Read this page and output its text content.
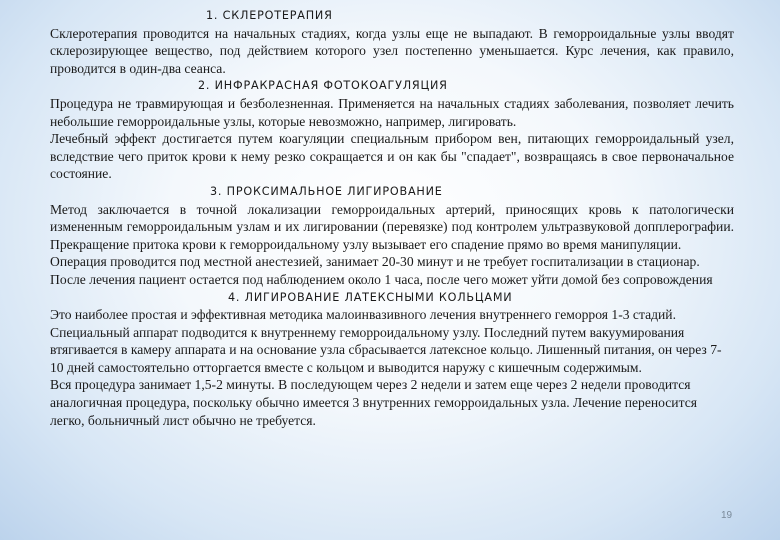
1. СКЛЕРОТЕРАПИЯ

Склеротерапия проводится на начальных стадиях, когда узлы еще не выпадают. В геморроидальные узлы вводят склерозирующее вещество, под действием которого узел постепенно уменьшается. Курс лечения, как правило, проводится в один-два сеанса.

2. ИНФРАКРАСНАЯ ФОТОКОАГУЛЯЦИЯ

Процедура не травмирующая и безболезненная. Применяется на начальных стадиях заболевания, позволяет лечить небольшие геморроидальные узлы, которые невозможно, например, лигировать.

Лечебный эффект достигается путем коагуляции специальным прибором вен, питающих геморроидальный узел, вследствие чего приток крови к нему резко сокращается и он как бы "спадает", возвращаясь в свое первоначальное состояние.

3. ПРОКСИМАЛЬНОЕ ЛИГИРОВАНИЕ

Метод заключается в точной локализации геморроидальных артерий, приносящих кровь к патологически измененным геморроидальным узлам и их лигировании (перевязке) под контролем ультразвуковой допплерографии. Прекращение притока крови к геморроидальному узлу вызывает его спадение прямо во время манипуляции.

Операция проводится под местной анестезией, занимает 20-30 минут и не требует госпитализации в стационар. После лечения пациент остается под наблюдением около 1 часа, после чего может уйти домой без сопровождения

4. ЛИГИРОВАНИЕ ЛАТЕКСНЫМИ КОЛЬЦАМИ

Это наиболее простая и эффективная методика малоинвазивного лечения внутреннего геморроя 1-3 стадий.

Специальный аппарат подводится к внутреннему геморроидальному узлу. Последний путем вакуумирования втягивается в камеру аппарата и на основание узла сбрасывается латексное кольцо. Лишенный питания, он через 7-10 дней самостоятельно отторгается вместе с кольцом и выводится наружу с кишечным содержимым.

Вся процедура занимает 1,5-2 минуты. В последующем через 2 недели и затем еще через 2 недели проводится аналогичная процедура, поскольку обычно имеется 3 внутренних геморроидальных узла. Лечение переносится легко, больничный лист обычно не требуется.

19
